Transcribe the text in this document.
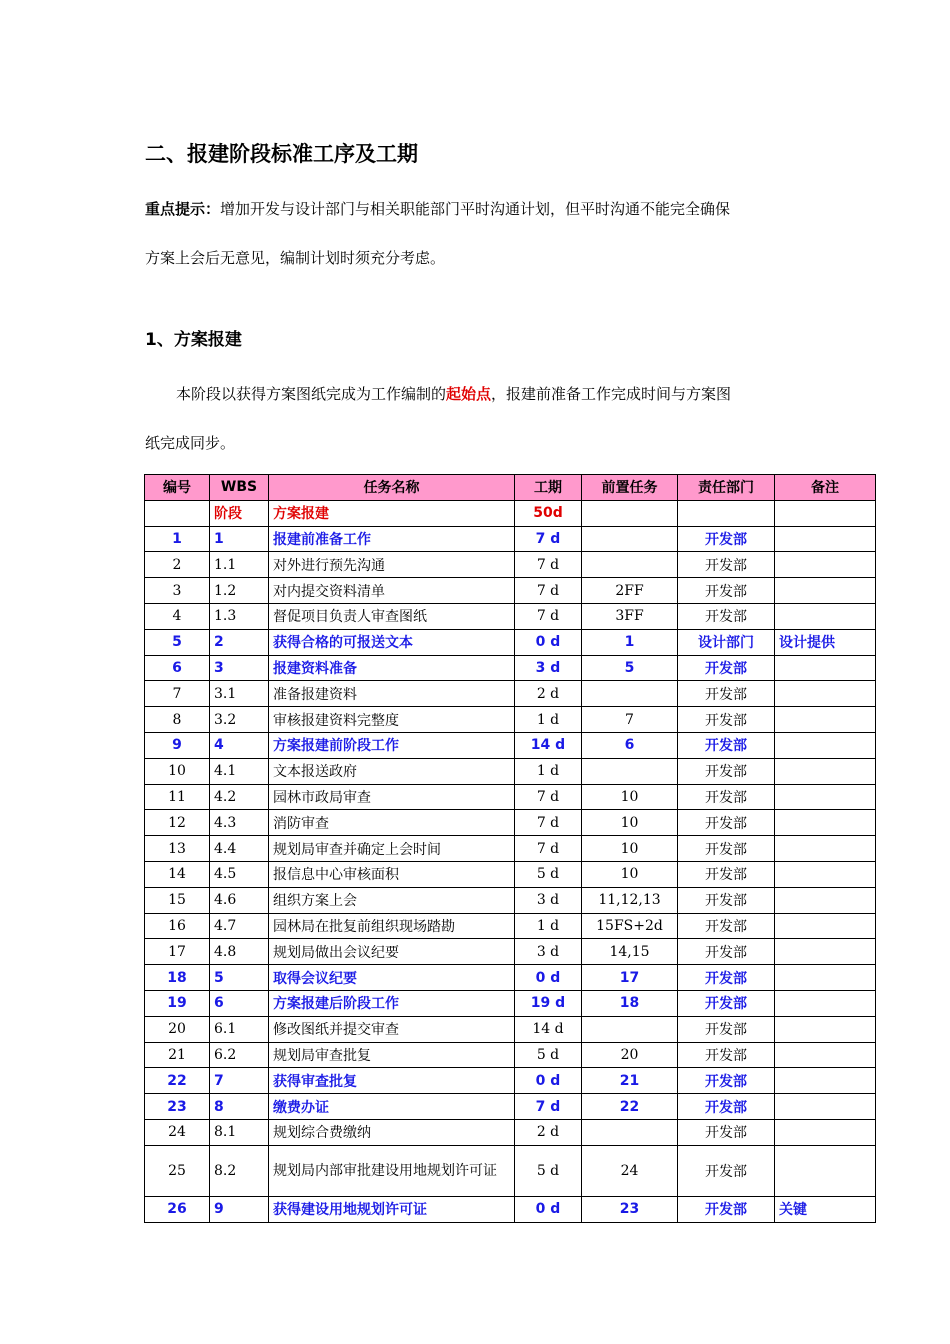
二、报建阶段标准工序及工期
重点提示：增加开发与设计部门与相关职能部门平时沟通计划，但平时沟通不能完全确保
方案上会后无意见，编制计划时须充分考虑。
1、方案报建
本阶段以获得方案图纸完成为工作编制的起始点，报建前准备工作完成时间与方案图
纸完成同步。
编号	WBS	任务名称	工期	前置任务	责任部门	备注
	阶段	方案报建	50d			
1	1	报建前准备工作	7 d		开发部	
2	1.1	对外进行预先沟通	7 d		开发部	
3	1.2	对内提交资料清单	7 d	2FF	开发部	
4	1.3	督促项目负责人审查图纸	7 d	3FF	开发部	
5	2	获得合格的可报送文本	0 d	1	设计部门	设计提供
6	3	报建资料准备	3 d	5	开发部	
7	3.1	准备报建资料	2 d		开发部	
8	3.2	审核报建资料完整度	1 d	7	开发部	
9	4	方案报建前阶段工作	14 d	6	开发部	
10	4.1	文本报送政府	1 d		开发部	
11	4.2	园林市政局审查	7 d	10	开发部	
12	4.3	消防审查	7 d	10	开发部	
13	4.4	规划局审查并确定上会时间	7 d	10	开发部	
14	4.5	报信息中心审核面积	5 d	10	开发部	
15	4.6	组织方案上会	3 d	11,12,13	开发部	
16	4.7	园林局在批复前组织现场踏勘	1 d	15FS+2d	开发部	
17	4.8	规划局做出会议纪要	3 d	14,15	开发部	
18	5	取得会议纪要	0 d	17	开发部	
19	6	方案报建后阶段工作	19 d	18	开发部	
20	6.1	修改图纸并提交审查	14 d		开发部	
21	6.2	规划局审查批复	5 d	20	开发部	
22	7	获得审查批复	0 d	21	开发部	
23	8	缴费办证	7 d	22	开发部	
24	8.1	规划综合费缴纳	2 d		开发部	
25	8.2	规划局内部审批建设用地规划许可证	5 d	24	开发部	
26	9	获得建设用地规划许可证	0 d	23	开发部	关键
